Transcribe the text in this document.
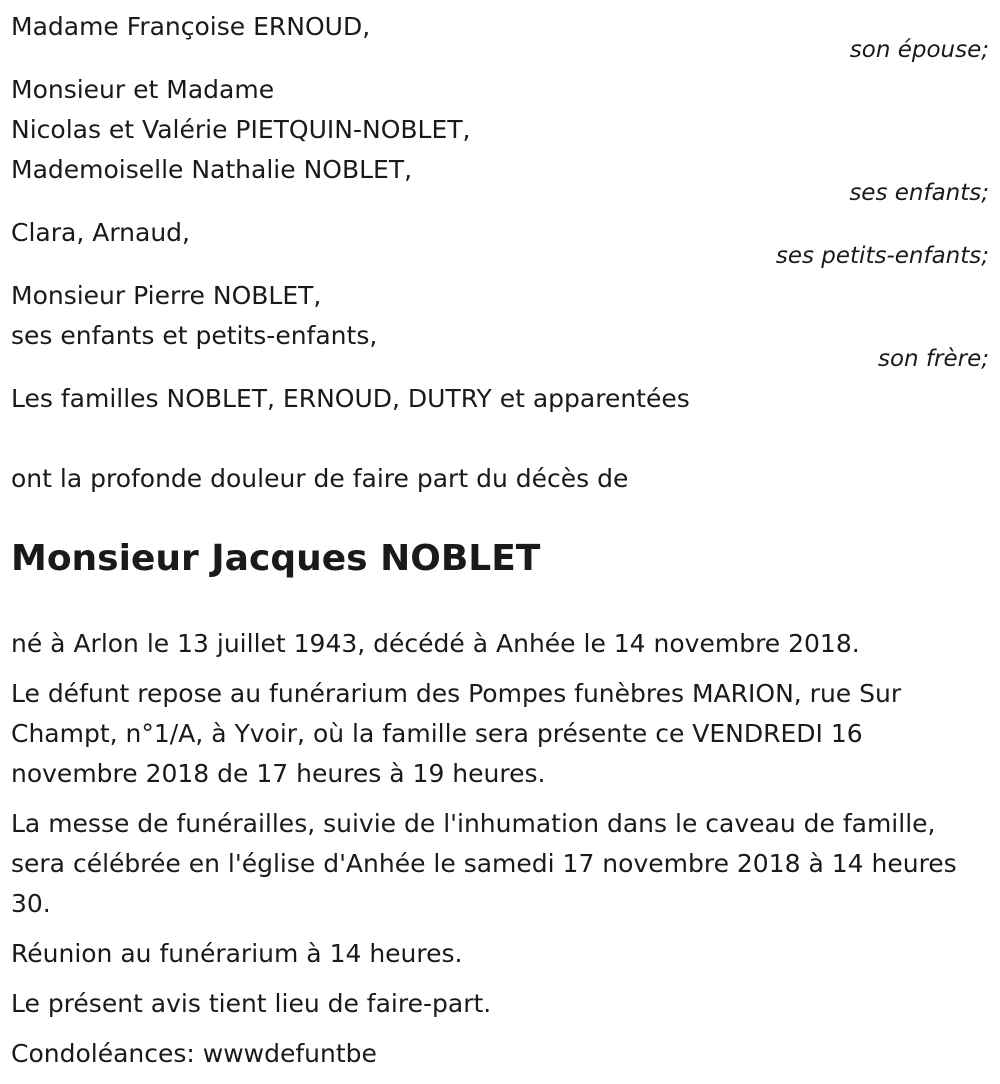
Madame Françoise ERNOUD,
son épouse;
Monsieur et Madame
Nicolas et Valérie PIETQUIN-NOBLET,
Mademoiselle Nathalie NOBLET,
ses enfants;
Clara, Arnaud,
ses petits-enfants;
Monsieur Pierre NOBLET,
ses enfants et petits-enfants,
son frère;
Les familles NOBLET, ERNOUD, DUTRY et apparentées
ont la profonde douleur de faire part du décès de
Monsieur Jacques NOBLET
né à Arlon le 13 juillet 1943, décédé à Anhée le 14 novembre 2018.
Le défunt repose au funérarium des Pompes funèbres MARION, rue Sur Champt, n°1/A, à Yvoir, où la famille sera présente ce VENDREDI 16 novembre 2018 de 17 heures à 19 heures.
La messe de funérailles, suivie de l'inhumation dans le caveau de famille, sera célébrée en l'église d'Anhée le samedi 17 novembre 2018 à 14 heures 30.
Réunion au funérarium à 14 heures.
Le présent avis tient lieu de faire-part.
Condoléances: wwwdefuntbe
